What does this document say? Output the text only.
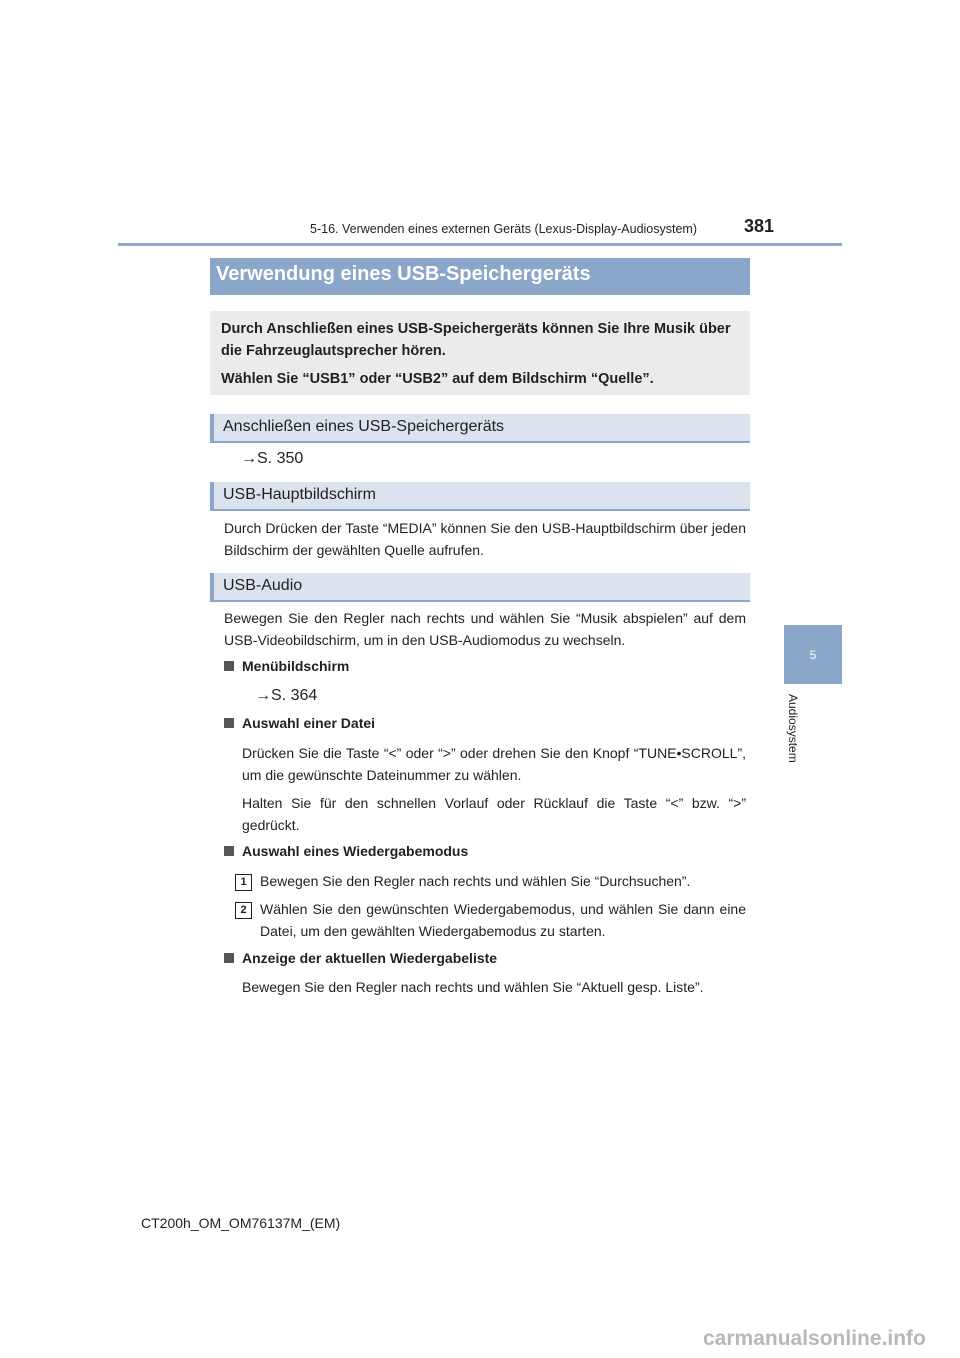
5-16. Verwenden eines externen Geräts (Lexus-Display-Audiosystem)	381
5
Audiosystem
Verwendung eines USB-Speichergeräts

Durch Anschließen eines USB-Speichergeräts können Sie Ihre Musik über die Fahrzeuglautsprecher hören.

Wählen Sie “USB1” oder “USB2” auf dem Bildschirm “Quelle”.

Anschließen eines USB-Speichergeräts
→S. 350
USB-Hauptbildschirm
Durch Drücken der Taste “MEDIA” können Sie den USB-Hauptbildschirm über jeden Bildschirm der gewählten Quelle aufrufen.
USB-Audio
Bewegen Sie den Regler nach rechts und wählen Sie “Musik abspielen” auf dem USB-Videobildschirm, um in den USB-Audiomodus zu wechseln.
Menübildschirm
→S. 364
Auswahl einer Datei
Drücken Sie die Taste “<” oder “>” oder drehen Sie den Knopf “TUNE•SCROLL”, um die gewünschte Dateinummer zu wählen.
Halten Sie für den schnellen Vorlauf oder Rücklauf die Taste “<” bzw. “>” gedrückt.
Auswahl eines Wiedergabemodus
1 Bewegen Sie den Regler nach rechts und wählen Sie “Durchsuchen”.
2 Wählen Sie den gewünschten Wiedergabemodus, und wählen Sie dann eine Datei, um den gewählten Wiedergabemodus zu starten.
Anzeige der aktuellen Wiedergabeliste
Bewegen Sie den Regler nach rechts und wählen Sie “Aktuell gesp. Liste”.
CT200h_OM_OM76137M_(EM)
carmanualsonline.info
